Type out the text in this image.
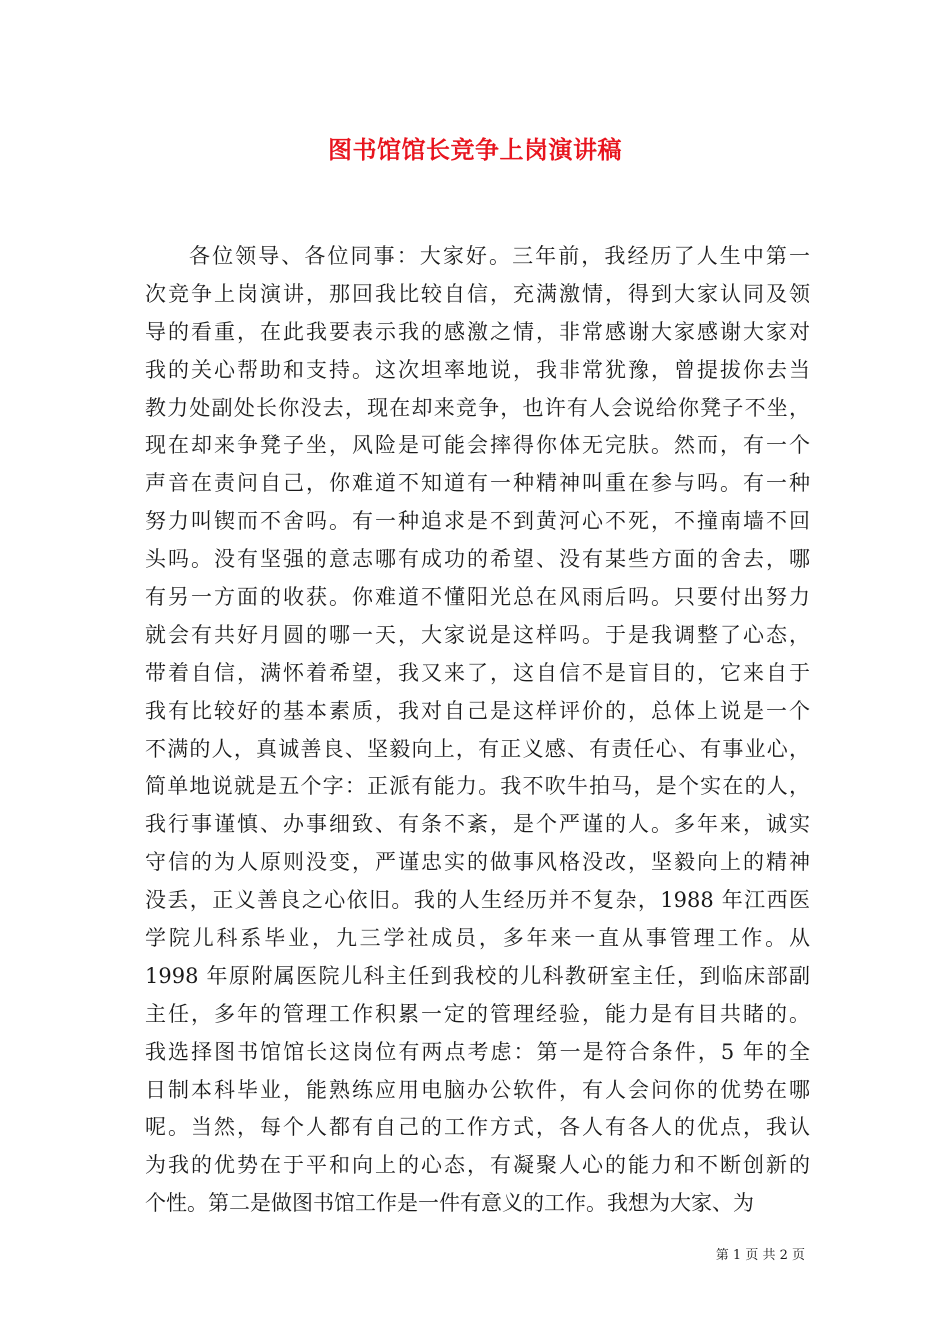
图书馆馆长竞争上岗演讲稿
各位领导、各位同事：大家好。三年前，我经历了人生中第一
次竞争上岗演讲，那回我比较自信，充满激情，得到大家认同及领
导的看重，在此我要表示我的感激之情，非常感谢大家感谢大家对
我的关心帮助和支持。这次坦率地说，我非常犹豫，曾提拔你去当
教力处副处长你没去，现在却来竞争，也许有人会说给你凳子不坐，
现在却来争凳子坐，风险是可能会摔得你体无完肤。然而，有一个
声音在责问自己，你难道不知道有一种精神叫重在参与吗。有一种
努力叫锲而不舍吗。有一种追求是不到黄河心不死，不撞南墙不回
头吗。没有坚强的意志哪有成功的希望、没有某些方面的舍去，哪
有另一方面的收获。你难道不懂阳光总在风雨后吗。只要付出努力
就会有共好月圆的哪一天，大家说是这样吗。于是我调整了心态，
带着自信，满怀着希望，我又来了，这自信不是盲目的，它来自于
我有比较好的基本素质，我对自己是这样评价的，总体上说是一个
不满的人，真诚善良、坚毅向上，有正义感、有责任心、有事业心，
简单地说就是五个字：正派有能力。我不吹牛拍马，是个实在的人，
我行事谨慎、办事细致、有条不紊，是个严谨的人。多年来，诚实
守信的为人原则没变，严谨忠实的做事风格没改，坚毅向上的精神
没丢，正义善良之心依旧。我的人生经历并不复杂，1988 年江西医
学院儿科系毕业，九三学社成员，多年来一直从事管理工作。从
1998 年原附属医院儿科主任到我校的儿科教研室主任，到临床部副
主任，多年的管理工作积累一定的管理经验，能力是有目共睹的。
我选择图书馆馆长这岗位有两点考虑：第一是符合条件，5 年的全
日制本科毕业，能熟练应用电脑办公软件，有人会问你的优势在哪
呢。当然，每个人都有自己的工作方式，各人有各人的优点，我认
为我的优势在于平和向上的心态，有凝聚人心的能力和不断创新的
个性。第二是做图书馆工作是一件有意义的工作。我想为大家、为
第 1 页 共 2 页
